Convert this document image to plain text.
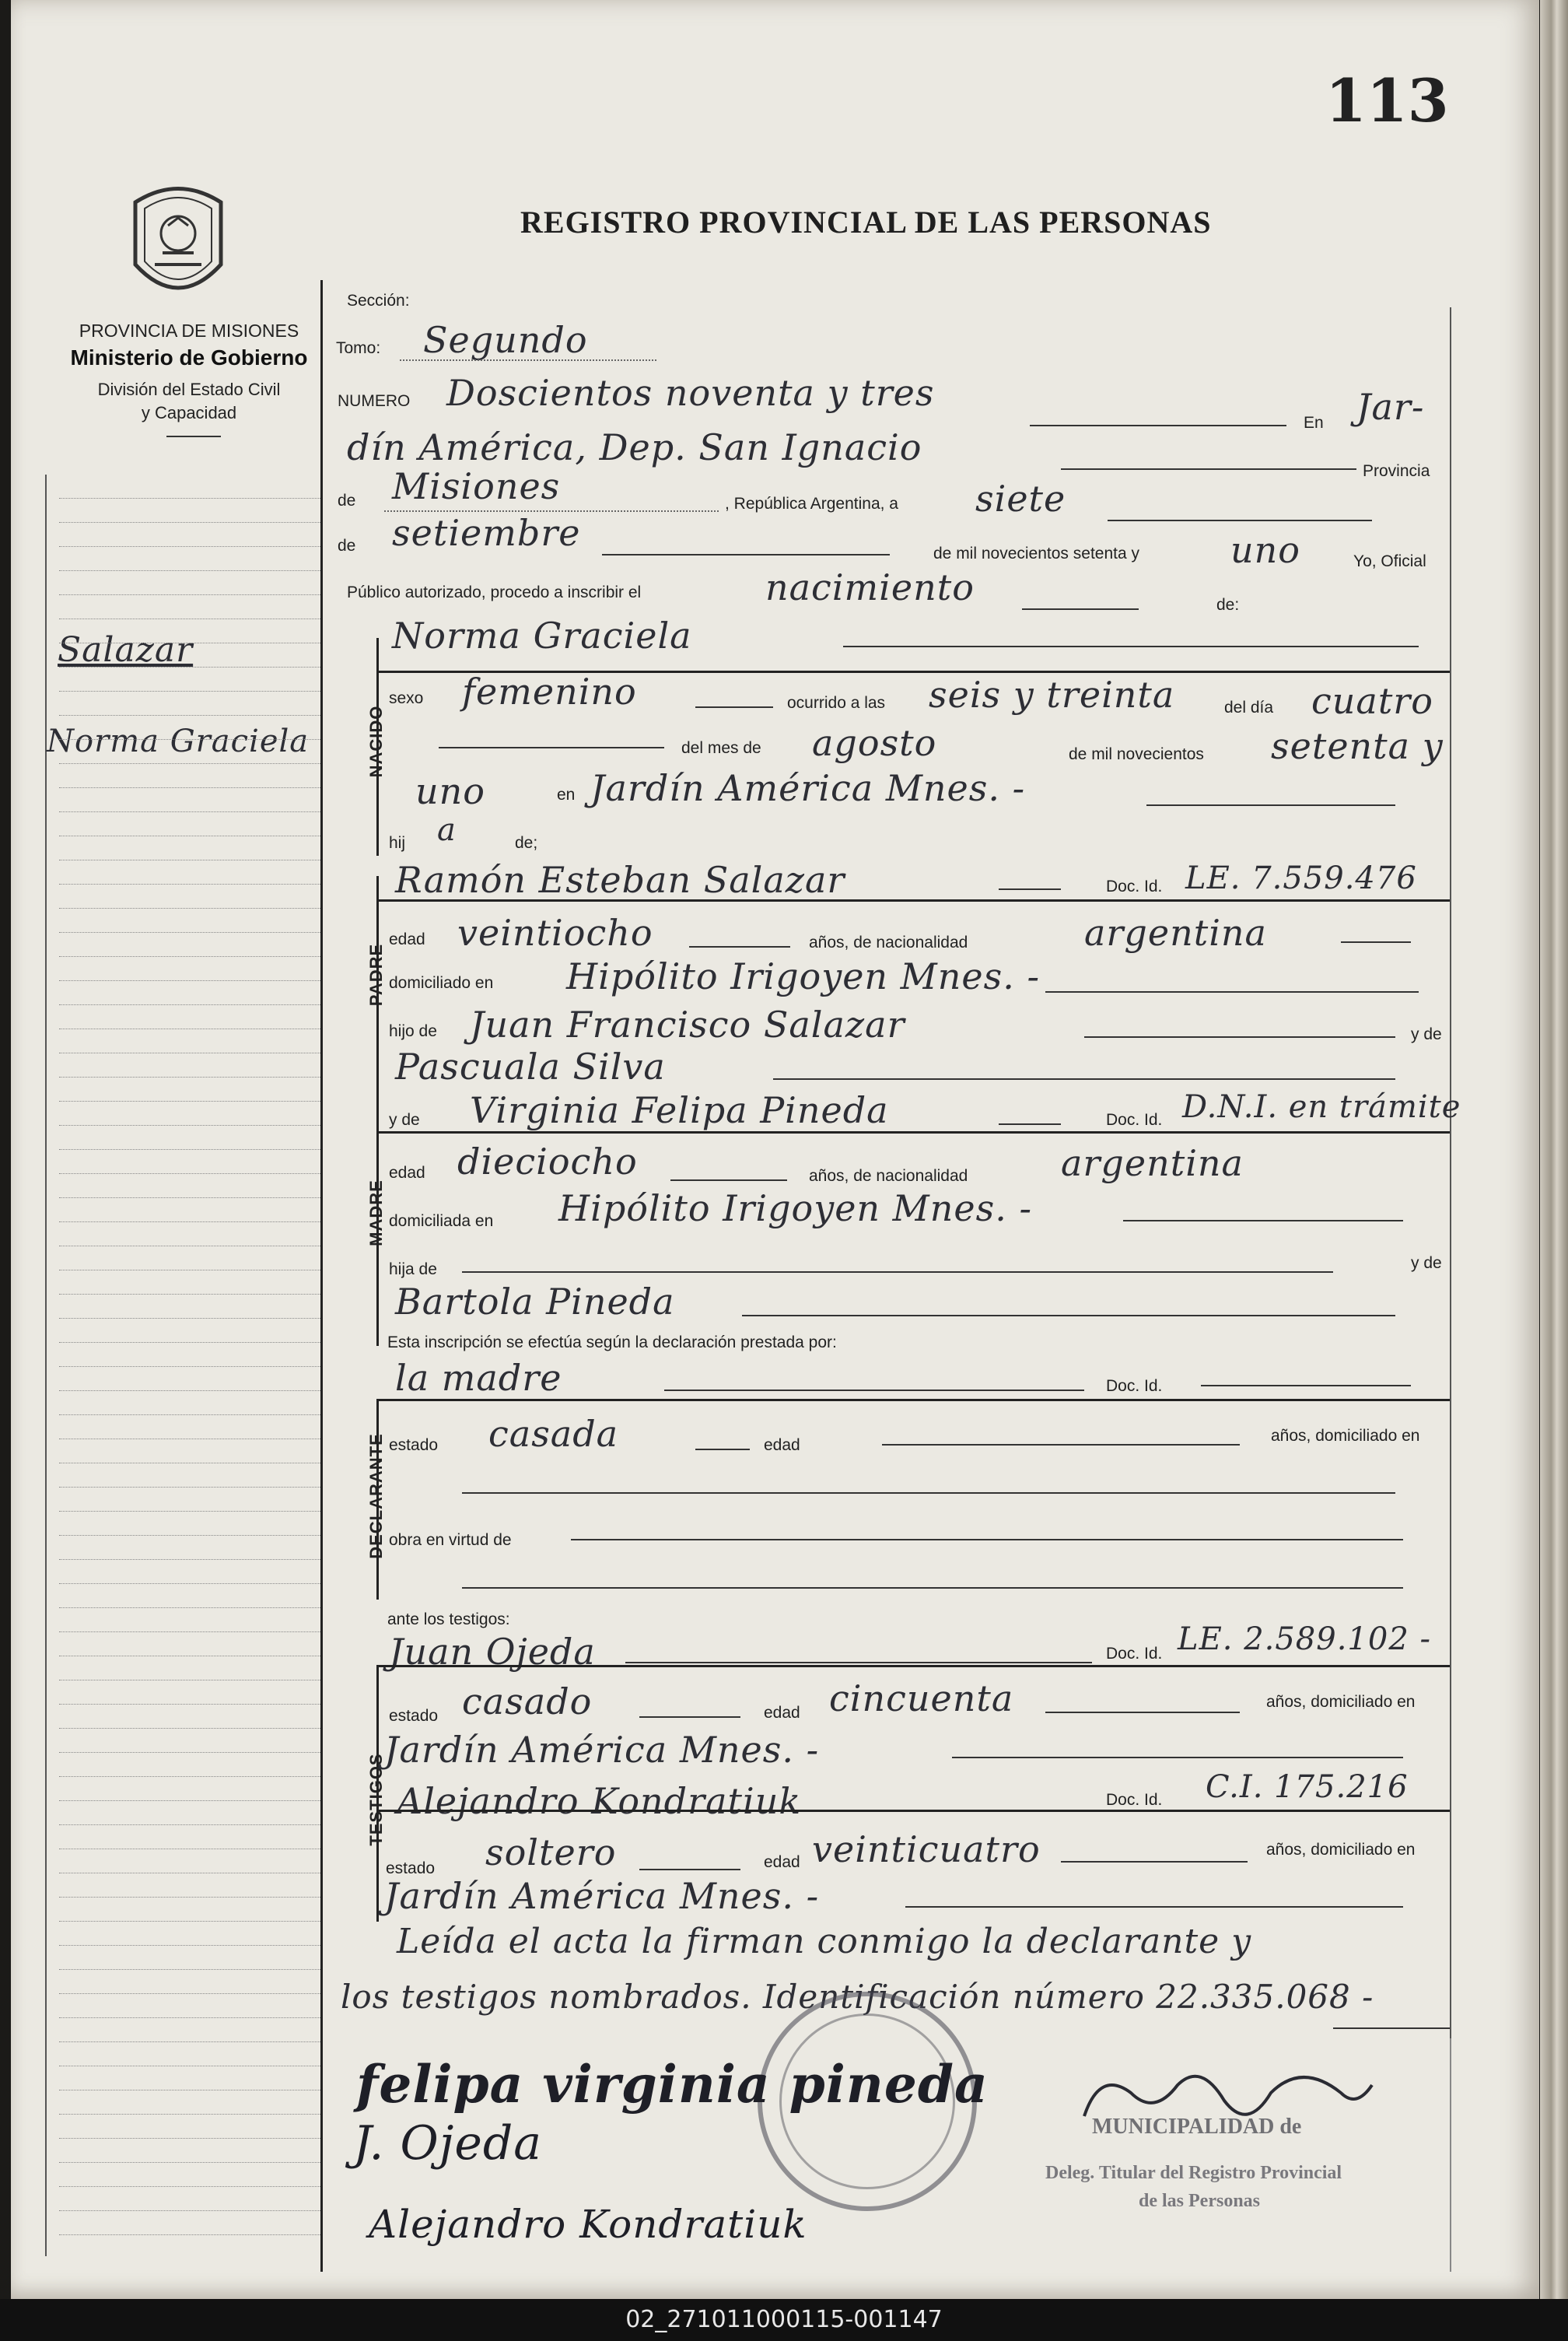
113
REGISTRO PROVINCIAL DE LAS PERSONAS
PROVINCIA DE MISIONES
Ministerio de Gobierno
División del Estado Civil
y Capacidad
Salazar
Norma Graciela
Sección:
Tomo: Segundo
NUMERO Doscientos noventa y tres
En Jar-
dín América, Dep. San Ignacio
Provincia
de Misiones	, República Argentina, a siete
de setiembre	de mil novecientos setenta y	uno	Yo, Oficial
Público autorizado, procedo a inscribir el	nacimiento	de:
NACIDO
Norma Graciela
sexo femenino	ocurrido a las seis y treinta	del día cuatro
del mes de agosto	de mil novecientos setenta y
uno	en Jardín América Mnes. -
hij a	de;
Ramón Esteban Salazar	Doc. Id. LE. 7.559.476
PADRE
edad veintiocho	años, de nacionalidad	argentina
domiciliado en Hipólito Irigoyen Mnes. -
hijo de Juan Francisco Salazar	y de
Pascuala Silva
y de Virginia Felipa Pineda	Doc. Id. D.N.I. en trámite
MADRE
edad dieciocho	años, de nacionalidad	argentina
domiciliada en Hipólito Irigoyen Mnes. -
hija de	y de
Bartola Pineda
Esta inscripción se efectúa según la declaración prestada por:
la madre	Doc. Id.
DECLARANTE estado casada	edad
años, domiciliado en
obra en virtud de
ante los testigos:
Juan Ojeda	Doc. Id. LE. 2.589.102 -
TESTIGOS
estado casado	edad cincuenta	años, domiciliado en
Jardín América Mnes. -
Alejandro Kondratiuk	Doc. Id. C.I. 175.216
estado soltero	edad veinticuatro	años, domiciliado en
Jardín América Mnes. -
Leída el acta la firman conmigo la declarante y
los testigos nombrados. Identificación número 22.335.068 -
felipa virginia pineda
J. Ojeda
Alejandro Kondratiuk
MUNICIPALIDAD de
Deleg. Titular del Registro Provincial
de las Personas
02_271011000115-001147
